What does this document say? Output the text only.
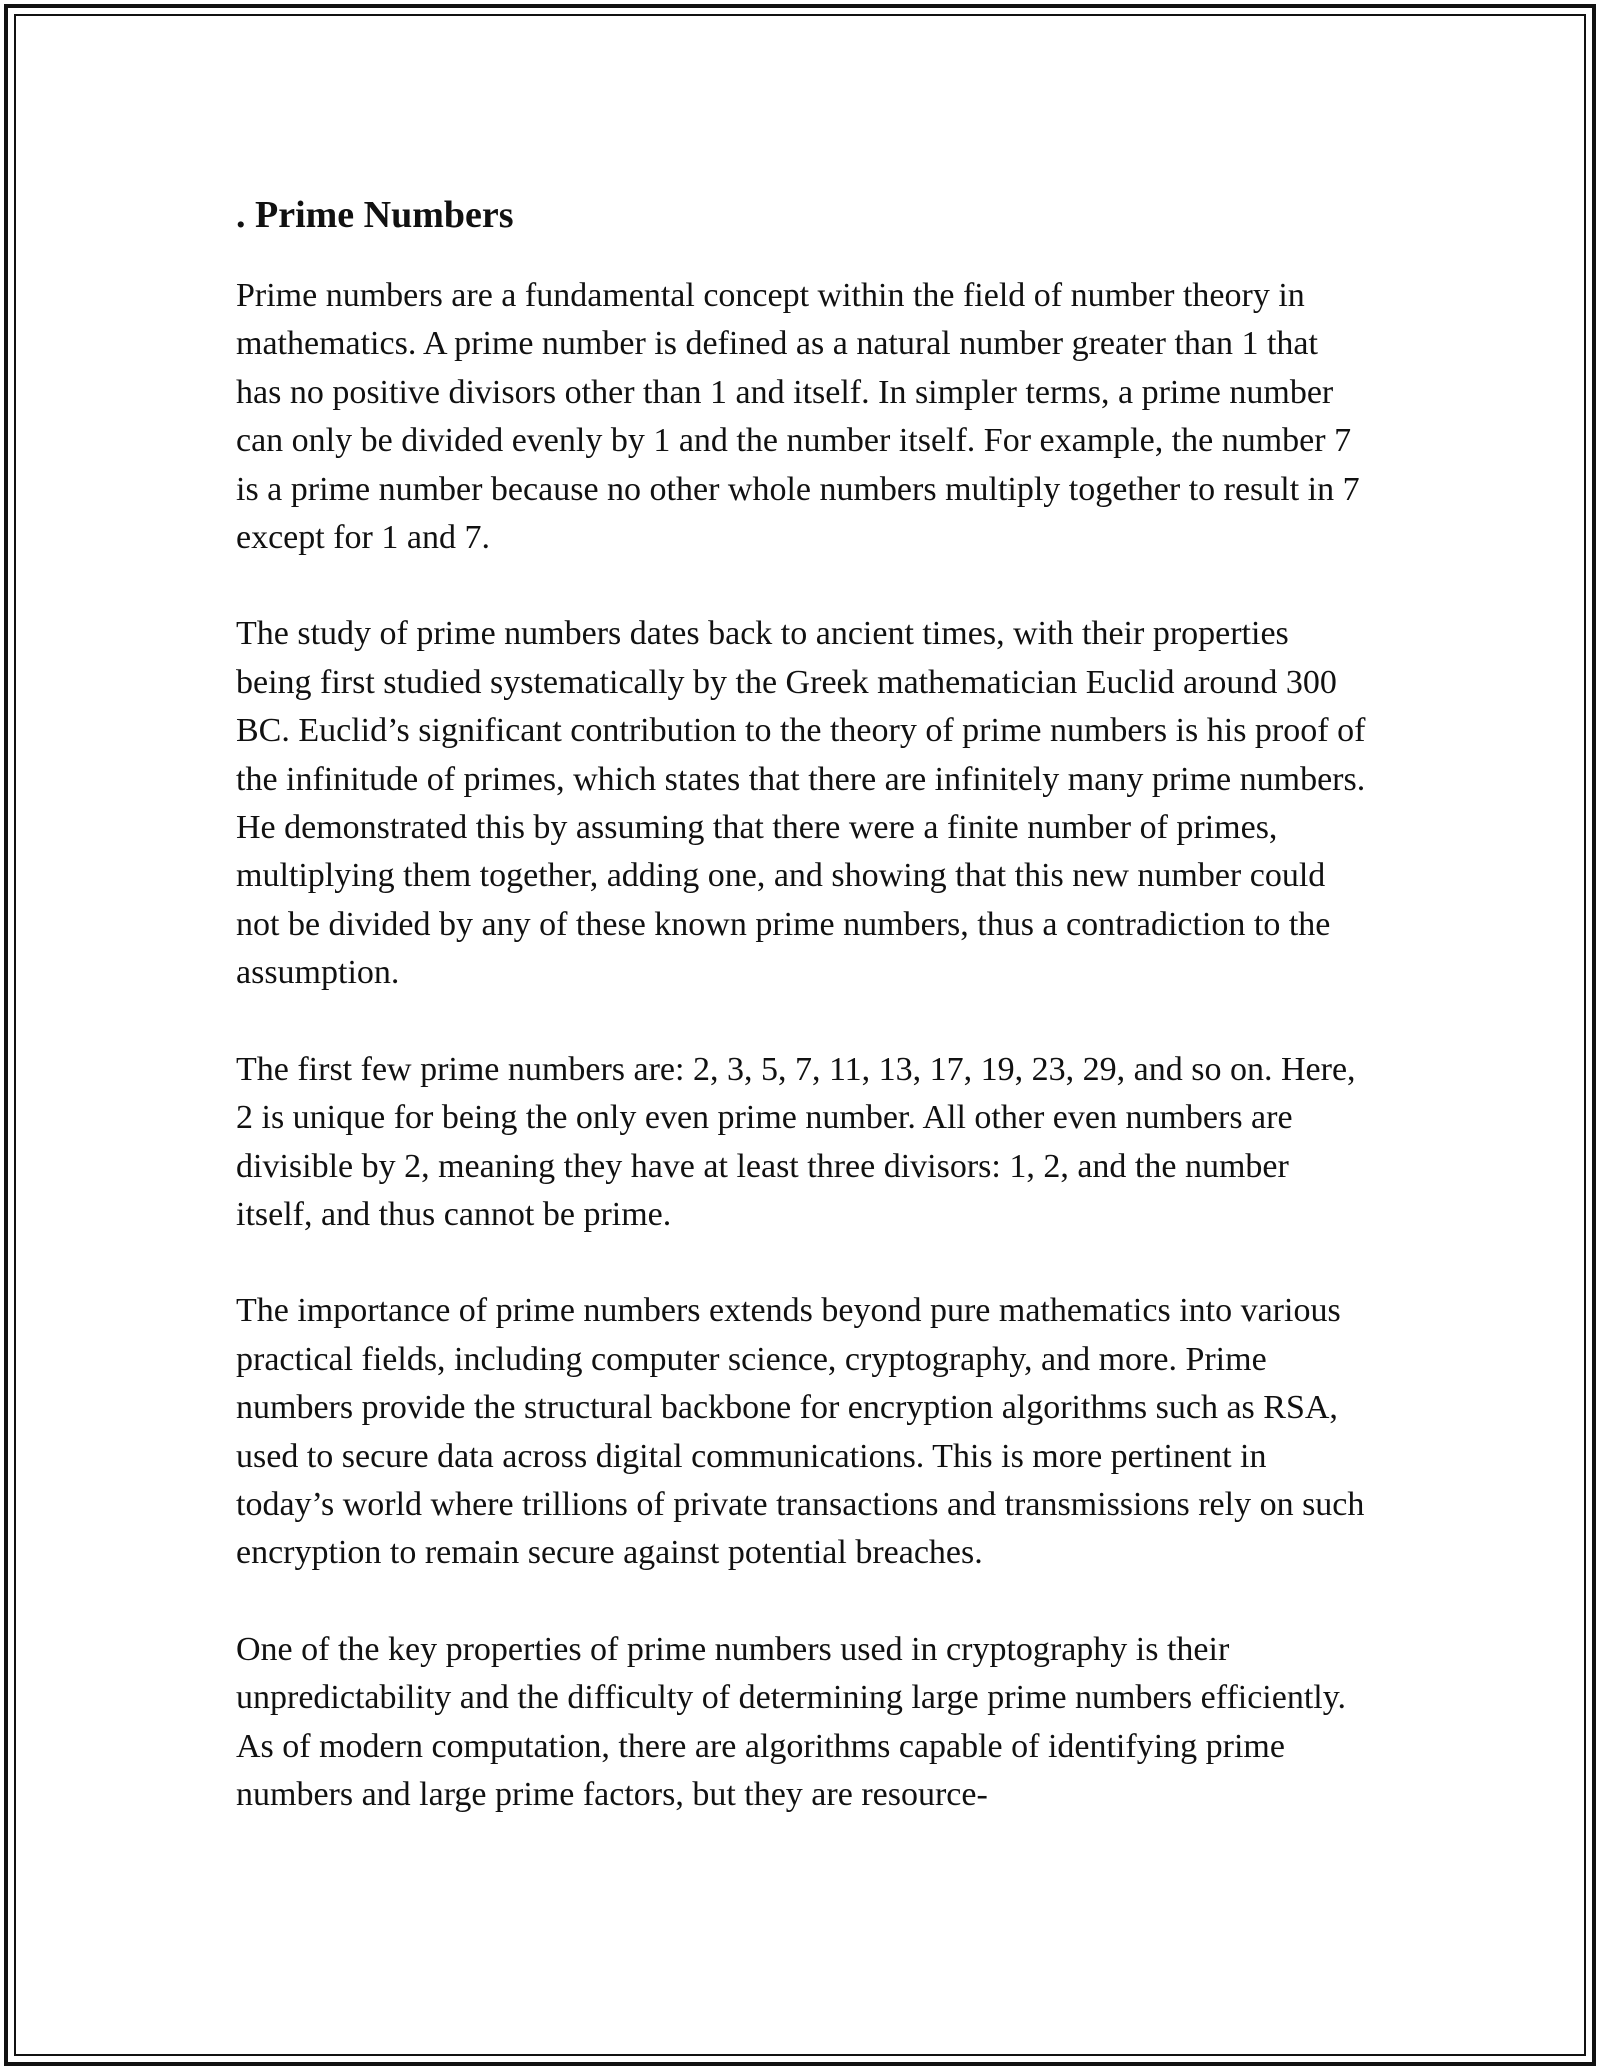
. Prime Numbers

Prime numbers are a fundamental concept within the field of number theory in mathematics. A prime number is defined as a natural number greater than 1 that has no positive divisors other than 1 and itself. In simpler terms, a prime number can only be divided evenly by 1 and the number itself. For example, the number 7 is a prime number because no other whole numbers multiply together to result in 7 except for 1 and 7.

The study of prime numbers dates back to ancient times, with their properties being first studied systematically by the Greek mathematician Euclid around 300 BC. Euclid’s significant contribution to the theory of prime numbers is his proof of the infinitude of primes, which states that there are infinitely many prime numbers. He demonstrated this by assuming that there were a finite number of primes, multiplying them together, adding one, and showing that this new number could not be divided by any of these known prime numbers, thus a contradiction to the assumption.

The first few prime numbers are: 2, 3, 5, 7, 11, 13, 17, 19, 23, 29, and so on. Here, 2 is unique for being the only even prime number. All other even numbers are divisible by 2, meaning they have at least three divisors: 1, 2, and the number itself, and thus cannot be prime.

The importance of prime numbers extends beyond pure mathematics into various practical fields, including computer science, cryptography, and more. Prime numbers provide the structural backbone for encryption algorithms such as RSA, used to secure data across digital communications. This is more pertinent in today’s world where trillions of private transactions and transmissions rely on such encryption to remain secure against potential breaches.

One of the key properties of prime numbers used in cryptography is their unpredictability and the difficulty of determining large prime numbers efficiently. As of modern computation, there are algorithms capable of identifying prime numbers and large prime factors, but they are resource-
